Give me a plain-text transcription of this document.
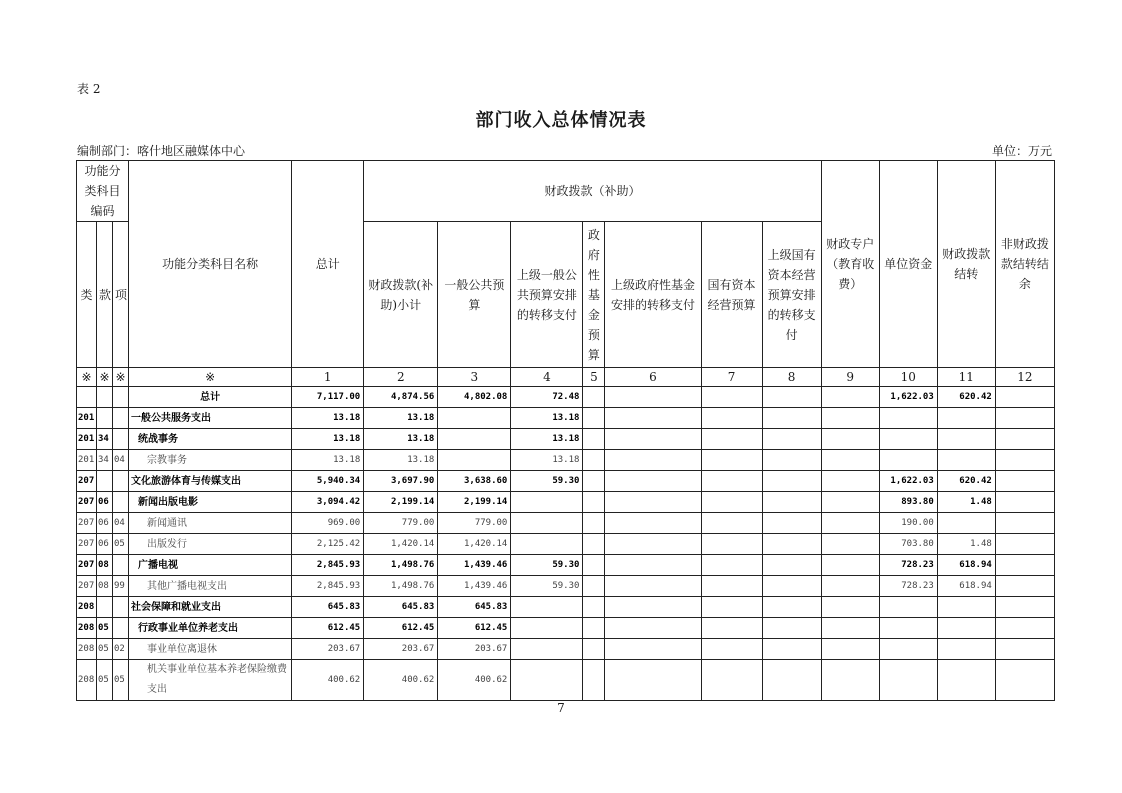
表 2
部门收入总体情况表
编制部门：喀什地区融媒体中心	单位：万元
功能分类科目编码			功能分类科目名称	总计	财政拨款（补助）							财政专户（教育收费）	单位资金	财政拨款结转	非财政拨款结转结余
类	款	项			财政拨款(补助)小计	一般公共预算	上级一般公共预算安排的转移支付	政府性基金预算	上级政府性基金安排的转移支付	国有资本经营预算	上级国有资本经营预算安排的转移支付				
※	※	※	※	1	2	3	4	5	6	7	8	9	10	11	12
			总计	7,117.00	4,874.56	4,802.08	72.48						1,622.03	620.42	
201			一般公共服务支出	13.18	13.18		13.18								
201	34		统战事务	13.18	13.18		13.18								
201	34	04	宗教事务	13.18	13.18		13.18								
207			文化旅游体育与传媒支出	5,940.34	3,697.90	3,638.60	59.30						1,622.03	620.42	
207	06		新闻出版电影	3,094.42	2,199.14	2,199.14							893.80	1.48	
207	06	04	新闻通讯	969.00	779.00	779.00							190.00		
207	06	05	出版发行	2,125.42	1,420.14	1,420.14							703.80	1.48	
207	08		广播电视	2,845.93	1,498.76	1,439.46	59.30						728.23	618.94	
207	08	99	其他广播电视支出	2,845.93	1,498.76	1,439.46	59.30						728.23	618.94	
208			社会保障和就业支出	645.83	645.83	645.83									
208	05		行政事业单位养老支出	612.45	612.45	612.45									
208	05	02	事业单位离退休	203.67	203.67	203.67									
208	05	05	机关事业单位基本养老保险缴费支出	400.62	400.62	400.62									
7
